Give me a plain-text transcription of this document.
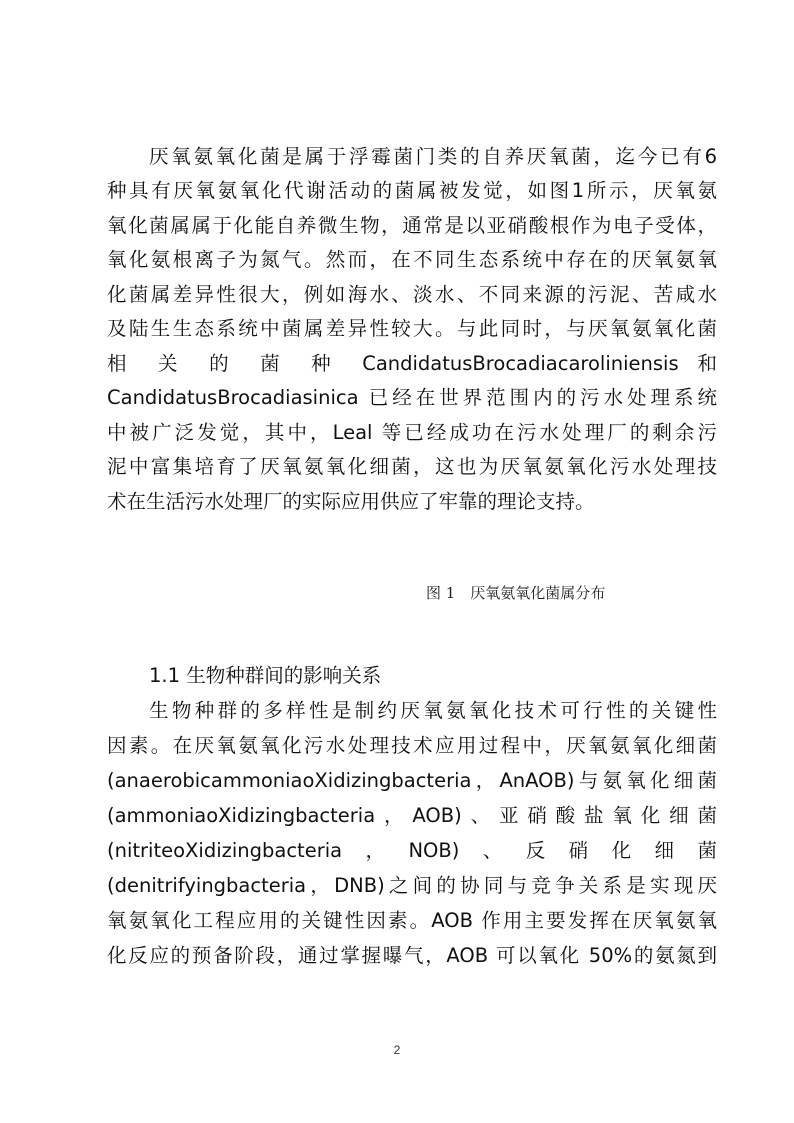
厌氧氨氧化菌是属于浮霉菌门类的自养厌氧菌，迄今已有6
种具有厌氧氨氧化代谢活动的菌属被发觉，如图1所示，厌氧氨
氧化菌属属于化能自养微生物，通常是以亚硝酸根作为电子受体，
氧化氨根离子为氮气。然而，在不同生态系统中存在的厌氧氨氧
化菌属差异性很大，例如海水、淡水、不同来源的污泥、苦咸水
及陆生生态系统中菌属差异性较大。与此同时，与厌氧氨氧化菌
相 关 的 菌 种 CandidatusBrocadiacaroliniensis 和
CandidatusBrocadiasinica 已经在世界范围内的污水处理系统
中被广泛发觉，其中，Leal 等已经成功在污水处理厂的剩余污
泥中富集培育了厌氧氨氧化细菌，这也为厌氧氨氧化污水处理技
术在生活污水处理厂的实际应用供应了牢靠的理论支持。
图 1　厌氧氨氧化菌属分布
1.1 生物种群间的影响关系
生物种群的多样性是制约厌氧氨氧化技术可行性的关键性
因素。在厌氧氨氧化污水处理技术应用过程中，厌氧氨氧化细菌
(anaerobicammoniaoXidizingbacteria，AnAOB)与氨氧化细菌
(ammoniaoXidizingbacteria，AOB)、亚硝酸盐氧化细菌
(nitriteoXidizingbacteria，NOB)、反硝化细菌
(denitrifyingbacteria，DNB)之间的协同与竞争关系是实现厌
氧氨氧化工程应用的关键性因素。AOB 作用主要发挥在厌氧氨氧
化反应的预备阶段，通过掌握曝气，AOB 可以氧化 50%的氨氮到
2
